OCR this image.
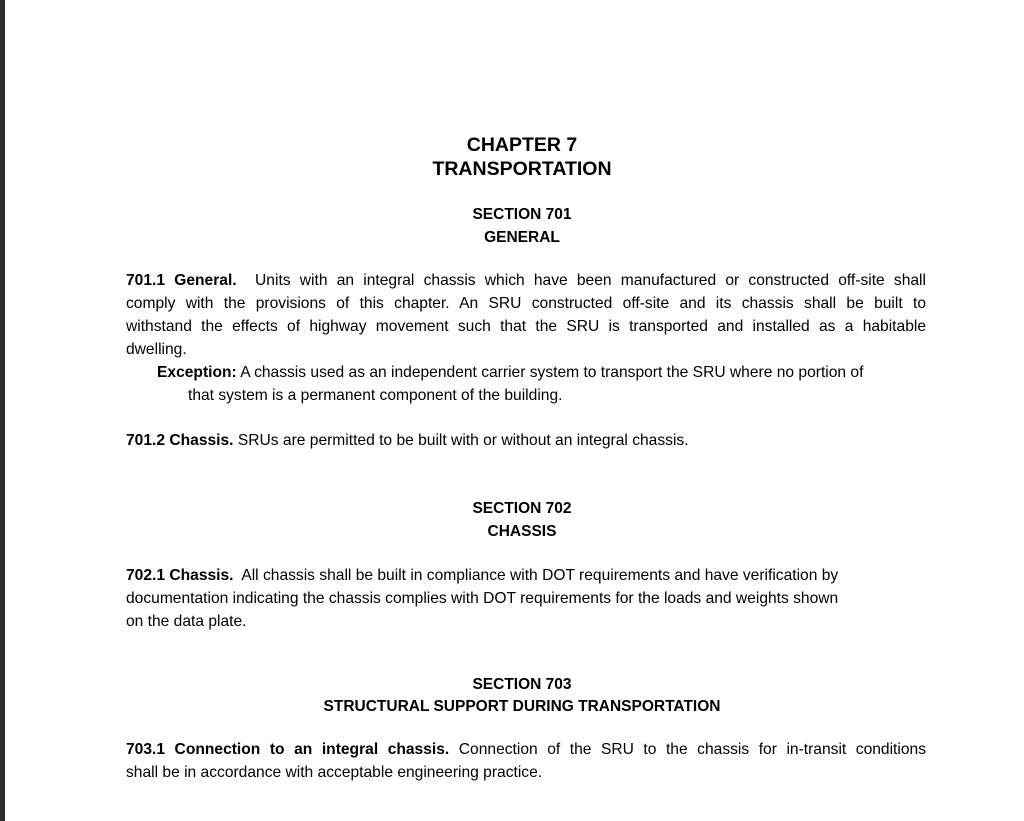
CHAPTER 7
TRANSPORTATION
SECTION 701
GENERAL
701.1 General. Units with an integral chassis which have been manufactured or constructed off-site shall
comply with the provisions of this chapter. An SRU constructed off-site and its chassis shall be built to
withstand the effects of highway movement such that the SRU is transported and installed as a habitable
dwelling.
Exception: A chassis used as an independent carrier system to transport the SRU where no portion of
that system is a permanent component of the building.
701.2 Chassis. SRUs are permitted to be built with or without an integral chassis.
SECTION 702
CHASSIS
702.1 Chassis. All chassis shall be built in compliance with DOT requirements and have verification by
documentation indicating the chassis complies with DOT requirements for the loads and weights shown
on the data plate.
SECTION 703
STRUCTURAL SUPPORT DURING TRANSPORTATION
703.1 Connection to an integral chassis. Connection of the SRU to the chassis for in-transit conditions
shall be in accordance with acceptable engineering practice.
